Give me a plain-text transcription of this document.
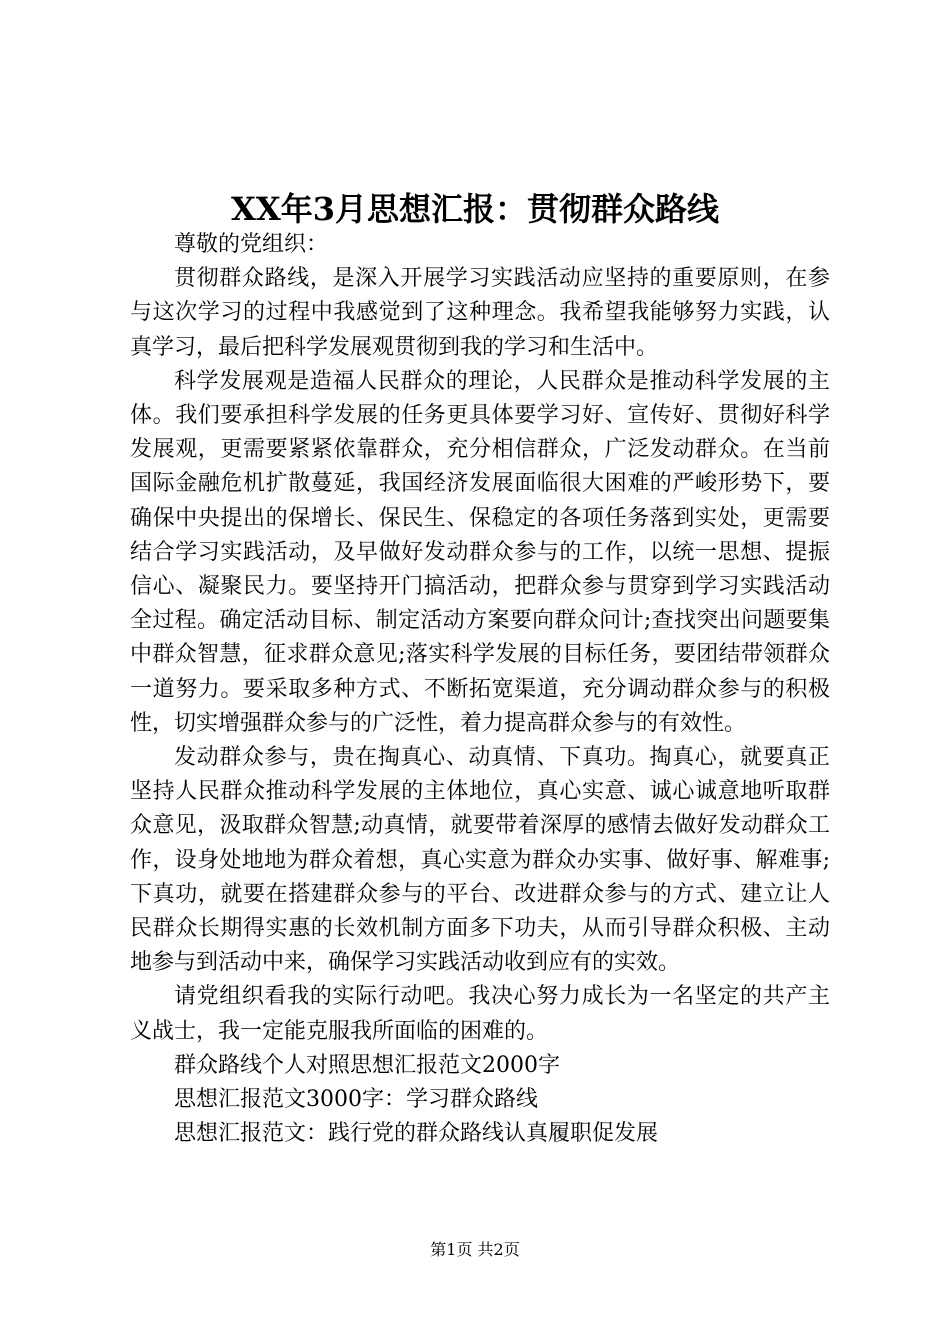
XX年3月思想汇报：贯彻群众路线

尊敬的党组织：

贯彻群众路线，是深入开展学习实践活动应坚持的重要原则，在参与这次学习的过程中我感觉到了这种理念。我希望我能够努力实践，认真学习，最后把科学发展观贯彻到我的学习和生活中。

科学发展观是造福人民群众的理论，人民群众是推动科学发展的主体。我们要承担科学发展的任务更具体要学习好、宣传好、贯彻好科学发展观，更需要紧紧依靠群众，充分相信群众，广泛发动群众。在当前国际金融危机扩散蔓延，我国经济发展面临很大困难的严峻形势下，要确保中央提出的保增长、保民生、保稳定的各项任务落到实处，更需要结合学习实践活动，及早做好发动群众参与的工作，以统一思想、提振信心、凝聚民力。要坚持开门搞活动，把群众参与贯穿到学习实践活动全过程。确定活动目标、制定活动方案要向群众问计;查找突出问题要集中群众智慧，征求群众意见;落实科学发展的目标任务，要团结带领群众一道努力。要采取多种方式、不断拓宽渠道，充分调动群众参与的积极性，切实增强群众参与的广泛性，着力提高群众参与的有效性。

发动群众参与，贵在掏真心、动真情、下真功。掏真心，就要真正坚持人民群众推动科学发展的主体地位，真心实意、诚心诚意地听取群众意见，汲取群众智慧;动真情，就要带着深厚的感情去做好发动群众工作，设身处地地为群众着想，真心实意为群众办实事、做好事、解难事;下真功，就要在搭建群众参与的平台、改进群众参与的方式、建立让人民群众长期得实惠的长效机制方面多下功夫，从而引导群众积极、主动地参与到活动中来，确保学习实践活动收到应有的实效。

请党组织看我的实际行动吧。我决心努力成长为一名坚定的共产主义战士，我一定能克服我所面临的困难的。

群众路线个人对照思想汇报范文2000字

思想汇报范文3000字：学习群众路线

思想汇报范文：践行党的群众路线认真履职促发展

第1页 共2页
